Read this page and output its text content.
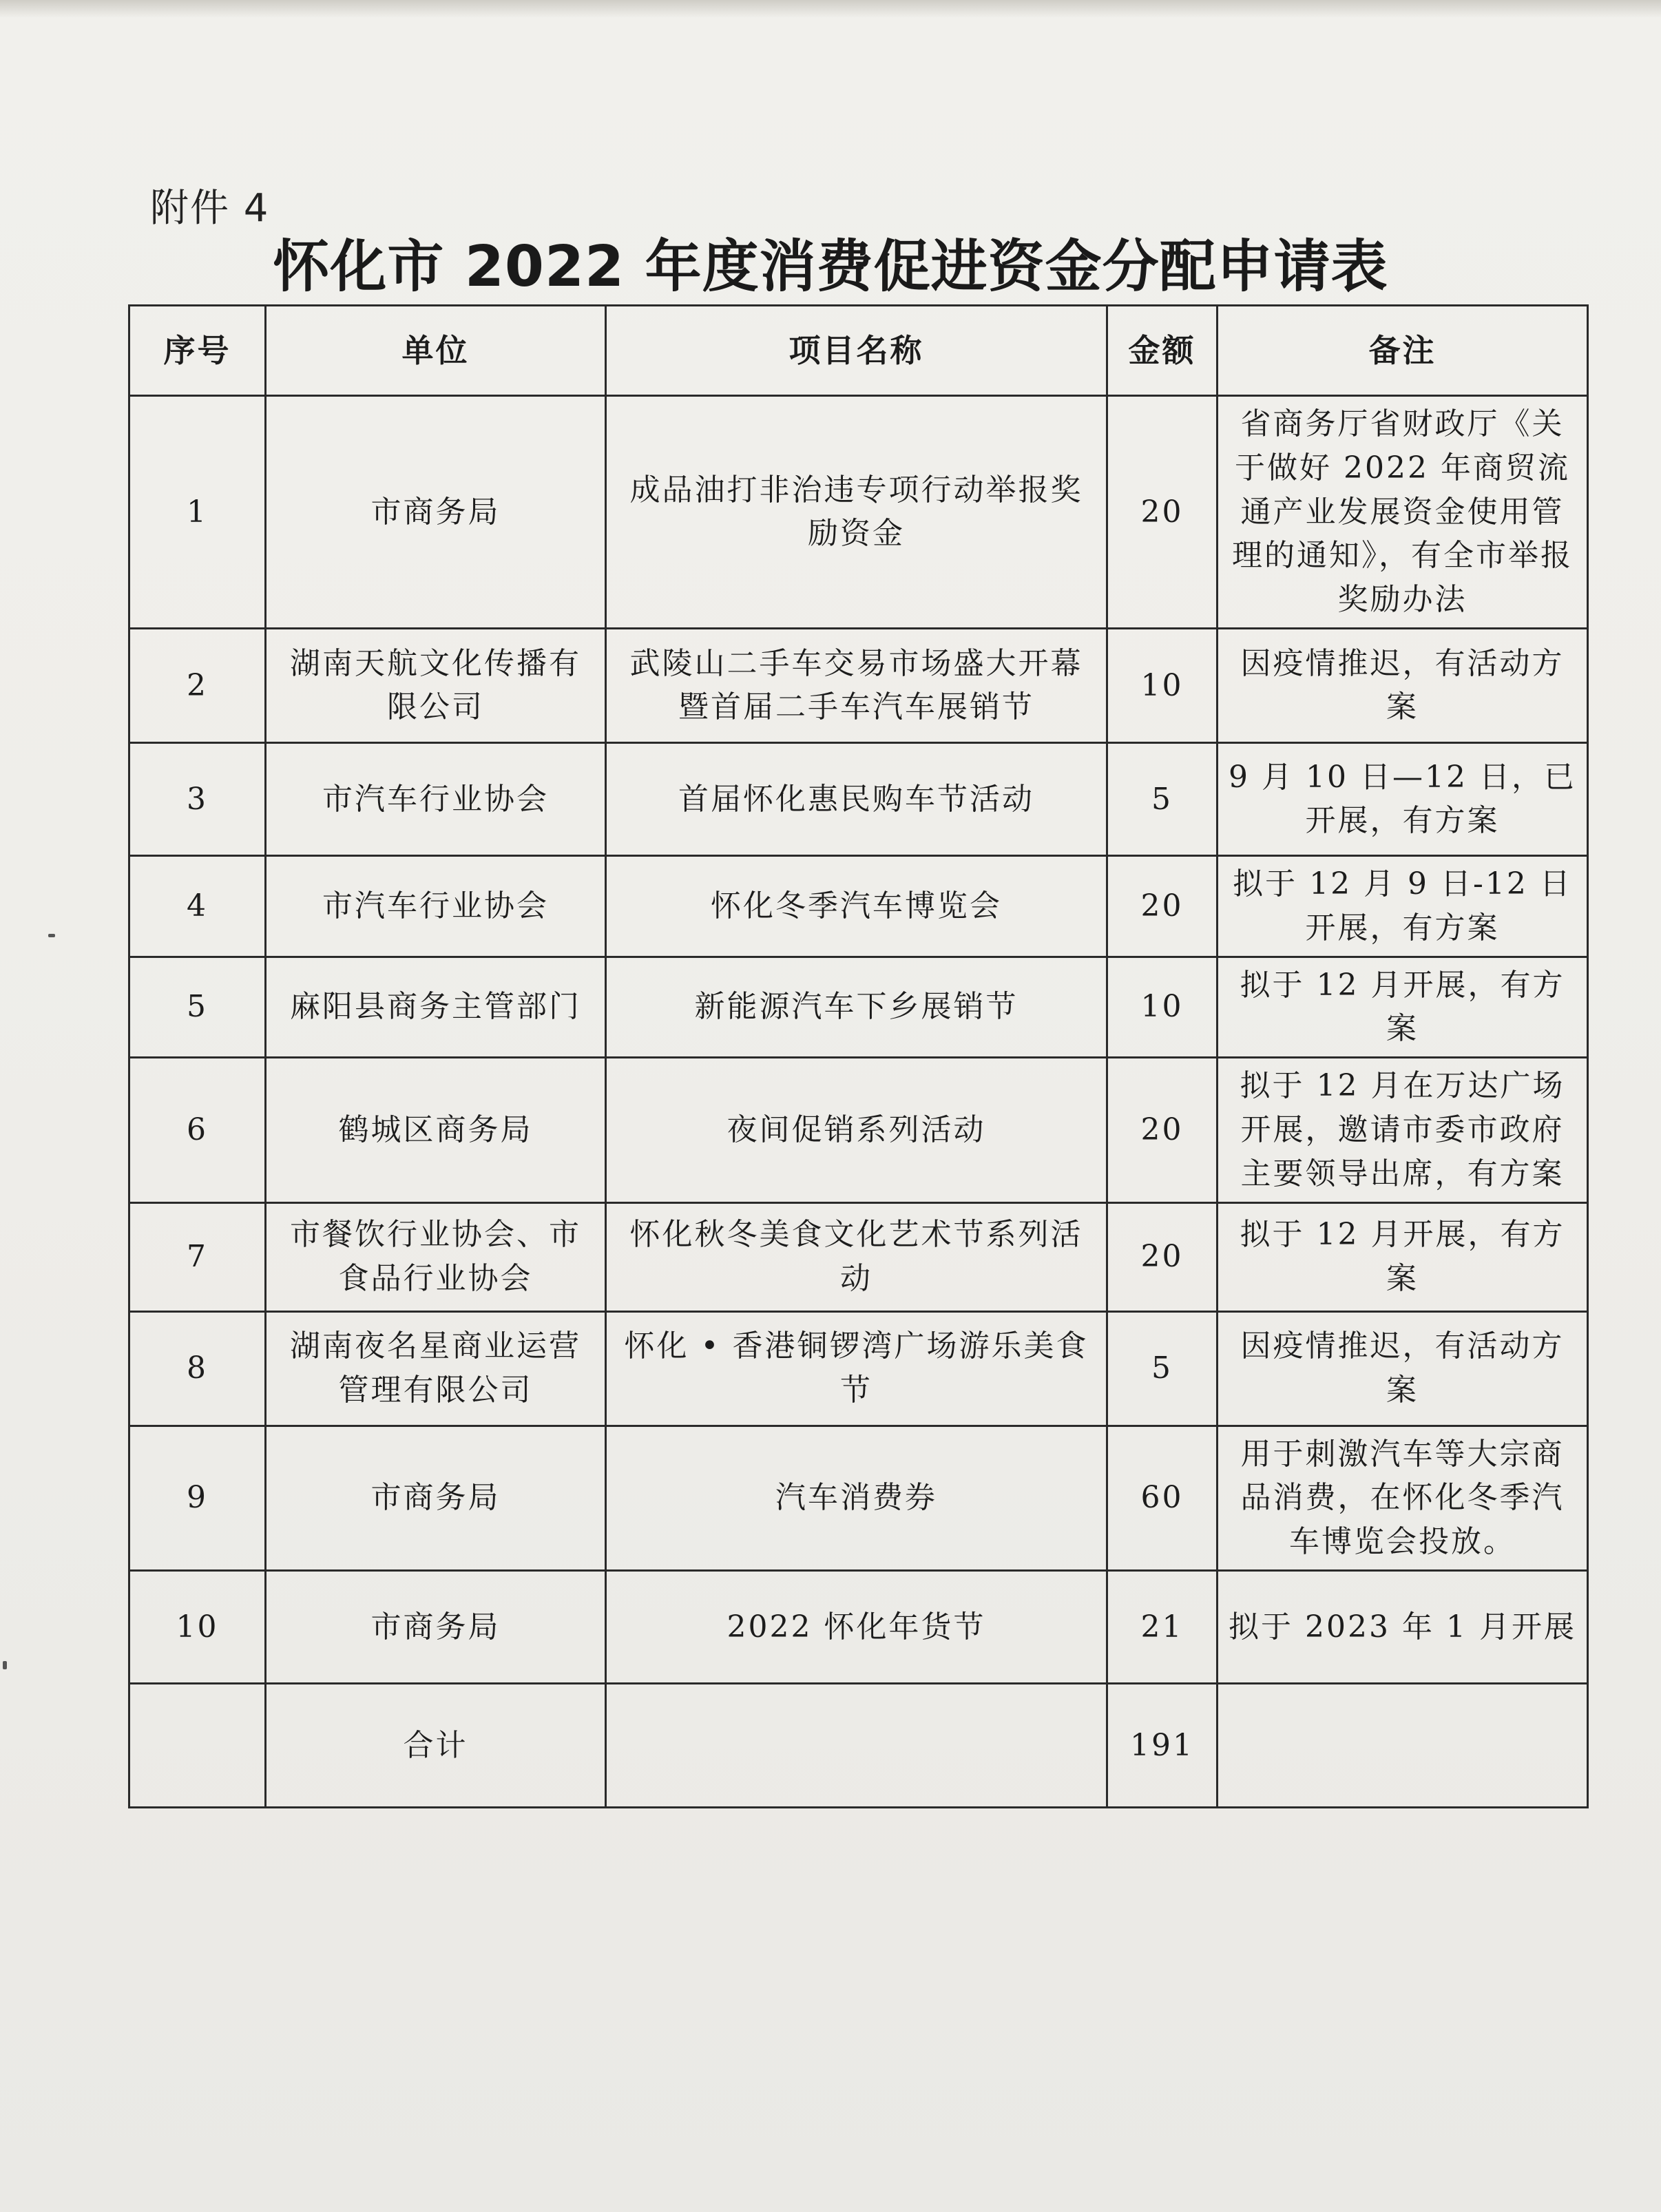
附件 4
怀化市 2022 年度消费促进资金分配申请表
序号	单位	项目名称	金额	备注
1	市商务局	成品油打非治违专项行动举报奖励资金	20	省商务厅省财政厅《关于做好 2022 年商贸流通产业发展资金使用管理的通知》，有全市举报奖励办法
2	湖南天航文化传播有限公司	武陵山二手车交易市场盛大开幕暨首届二手车汽车展销节	10	因疫情推迟，有活动方案
3	市汽车行业协会	首届怀化惠民购车节活动	5	9 月 10 日—12 日，已开展，有方案
4	市汽车行业协会	怀化冬季汽车博览会	20	拟于 12 月 9 日-12 日开展，有方案
5	麻阳县商务主管部门	新能源汽车下乡展销节	10	拟于 12 月开展，有方案
6	鹤城区商务局	夜间促销系列活动	20	拟于 12 月在万达广场开展，邀请市委市政府主要领导出席，有方案
7	市餐饮行业协会、市食品行业协会	怀化秋冬美食文化艺术节系列活动	20	拟于 12 月开展，有方案
8	湖南夜名星商业运营管理有限公司	怀化 • 香港铜锣湾广场游乐美食节	5	因疫情推迟，有活动方案
9	市商务局	汽车消费券	60	用于刺激汽车等大宗商品消费，在怀化冬季汽车博览会投放。
10	市商务局	2022 怀化年货节	21	拟于 2023 年 1 月开展
	合计		191	
